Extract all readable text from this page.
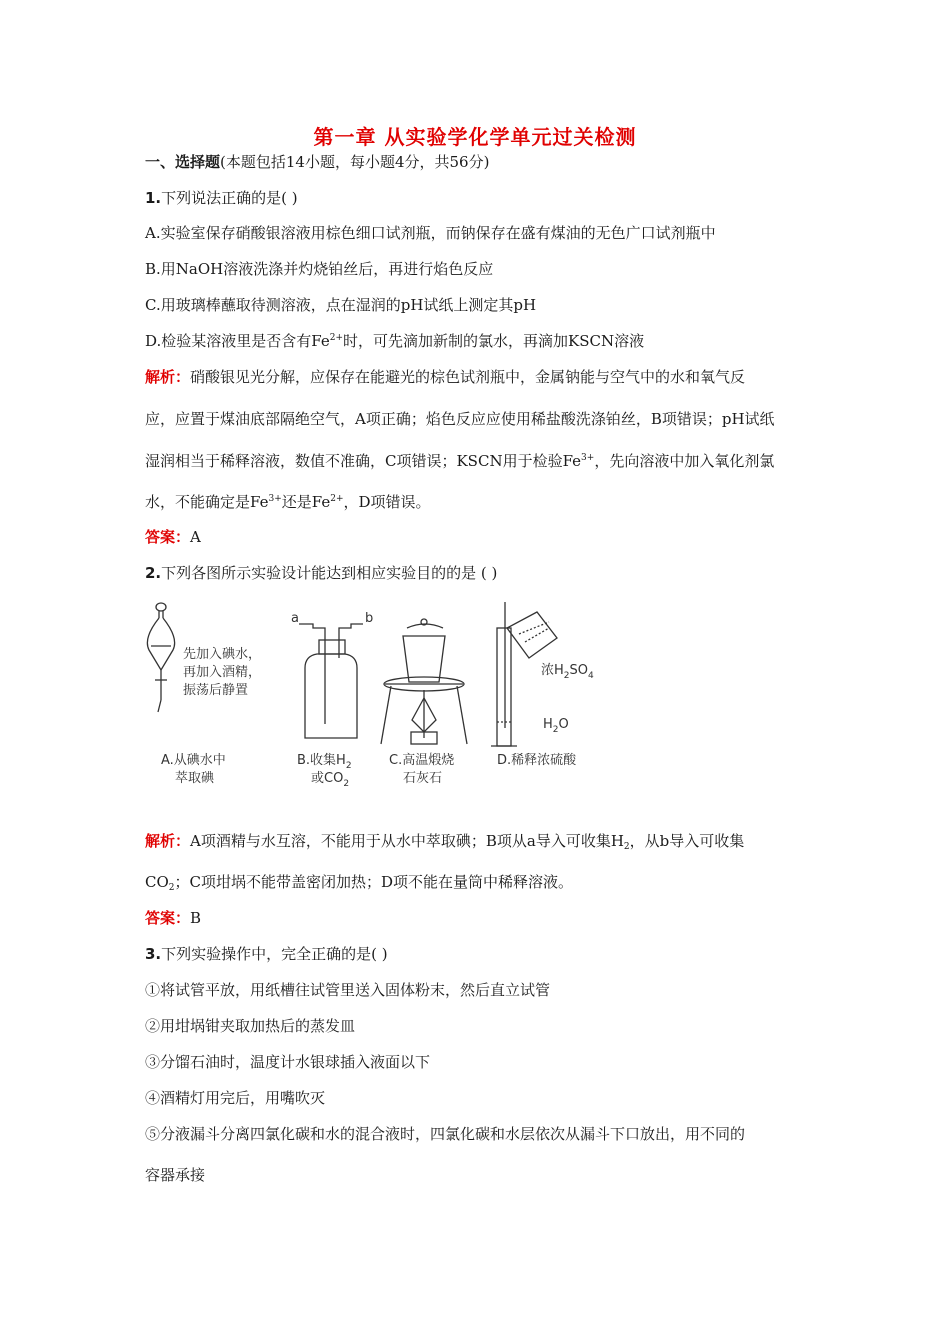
第一章 从实验学化学单元过关检测
一、选择题(本题包括14小题，每小题4分，共56分)
1.下列说法正确的是( )
A.实验室保存硝酸银溶液用棕色细口试剂瓶，而钠保存在盛有煤油的无色广口试剂瓶中
B.用NaOH溶液洗涤并灼烧铂丝后，再进行焰色反应
C.用玻璃棒蘸取待测溶液，点在湿润的pH试纸上测定其pH
D.检验某溶液里是否含有$Fe^{2+}$时，可先滴加新制的氯水，再滴加KSCN溶液
解析：硝酸银见光分解，应保存在能避光的棕色试剂瓶中，金属钠能与空气中的水和氧气反
应，应置于煤油底部隔绝空气，A项正确；焰色反应应使用稀盐酸洗涤铂丝，B项错误；pH试纸
湿润相当于稀释溶液，数值不准确，C项错误；KSCN用于检验$Fe^{3+}$，先向溶液中加入氧化剂氯
水，不能确定是$Fe^{3+}$还是$Fe^{2+}$，D项错误。
答案：A
2.下列各图所示实验设计能达到相应实验目的的是 ( )
先加入碘水，
再加入酒精，
振荡后静置
A.从碘水中
萃取碘
a	b
B.收集$H_2$
或$CO_2$
C.高温煅烧
石灰石
浓$H_2SO_4$
$H_2O$
D.稀释浓硫酸
解析：A项酒精与水互溶，不能用于从水中萃取碘；B项从a导入可收集$H_2$，从b导入可收集
$CO_2$；C项坩埚不能带盖密闭加热；D项不能在量筒中稀释溶液。
答案：B
3.下列实验操作中，完全正确的是( )
①将试管平放，用纸槽往试管里送入固体粉末，然后直立试管
②用坩埚钳夹取加热后的蒸发皿
③分馏石油时，温度计水银球插入液面以下
④酒精灯用完后，用嘴吹灭
⑤分液漏斗分离四氯化碳和水的混合液时，四氯化碳和水层依次从漏斗下口放出，用不同的
容器承接
